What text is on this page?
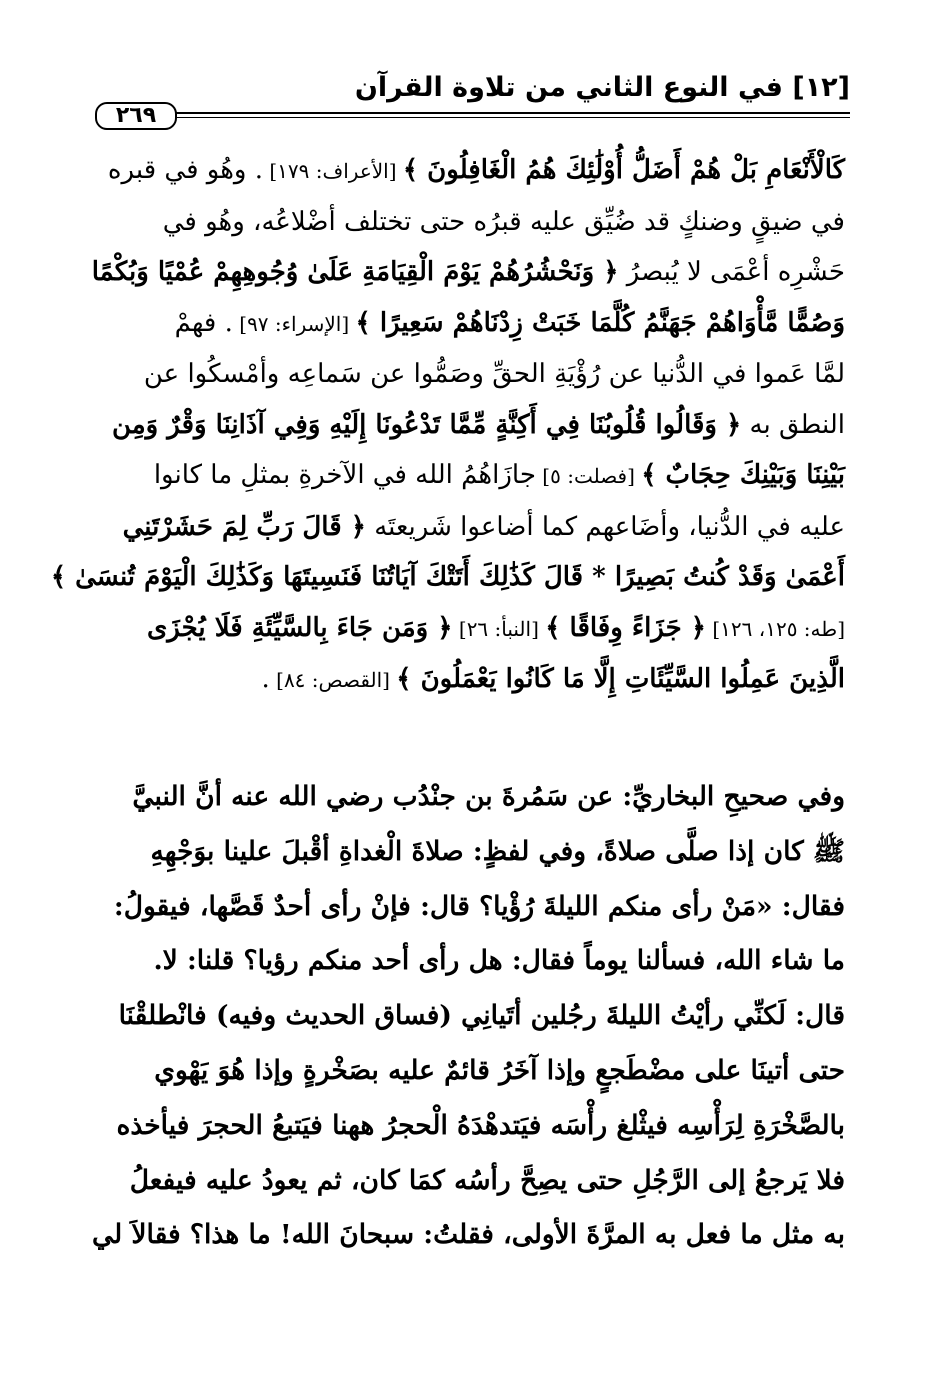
[١٢] في النوع الثاني من تلاوة القرآن
٢٦٩
كَالْأَنْعَامِ بَلْ هُمْ أَضَلُّ أُوْلَٰئِكَ هُمُ الْغَافِلُونَ ﴾ [الأعراف: ١٧٩] . وهُو في قبره
في ضيقٍ وضنكٍ قد ضُيِّق عليه قبرُه حتى تختلف أضْلاعُه، وهُو في
حَشْرِه أعْمَى لا يُبصرُ ﴿ وَنَحْشُرُهُمْ يَوْمَ الْقِيَامَةِ عَلَىٰ وُجُوهِهِمْ عُمْيًا وَبُكْمًا
وَصُمًّا مَّأْوَاهُمْ جَهَنَّمُ كُلَّمَا خَبَتْ زِدْنَاهُمْ سَعِيرًا ﴾ [الإسراء: ٩٧] . فهمْ
لمَّا عَموا في الدُّنيا عن رُؤْيَةِ الحقِّ وصَمُّوا عن سَماعِه وأمْسكُوا عن
النطق به ﴿ وَقَالُوا قُلُوبُنَا فِي أَكِنَّةٍ مِّمَّا تَدْعُونَا إِلَيْهِ وَفِي آذَانِنَا وَقْرٌ وَمِن
بَيْنِنَا وَبَيْنِكَ حِجَابٌ ﴾ [فصلت: ٥] جازَاهُمُ الله في الآخرةِ بمثلِ ما كانوا
عليه في الدُّنيا، وأضَاعهم كما أضاعوا شَريعتَه ﴿ قَالَ رَبِّ لِمَ حَشَرْتَنِي
أَعْمَىٰ وَقَدْ كُنتُ بَصِيرًا * قَالَ كَذَٰلِكَ أَتَتْكَ آيَاتُنَا فَنَسِيتَهَا وَكَذَٰلِكَ الْيَوْمَ تُنسَىٰ ﴾
[طه: ١٢٥، ١٢٦] ﴿ جَزَاءً وِفَاقًا ﴾ [النبأ: ٢٦] ﴿ وَمَن جَاءَ بِالسَّيِّئَةِ فَلَا يُجْزَى
الَّذِينَ عَمِلُوا السَّيِّئَاتِ إِلَّا مَا كَانُوا يَعْمَلُونَ ﴾ [القصص: ٨٤] .
وفي صحيحِ البخاريِّ: عن سَمُرةَ بن جنْدُب رضي الله عنه أنَّ النبيَّ
ﷺ كان إذا صلَّى صلاةً، وفي لفظٍ: صلاةَ الْغداةِ أقْبلَ علينا بوَجْهِهِ
فقال: «مَنْ رأى منكم الليلةَ رُؤْيا؟ قال: فإنْ رأى أحدٌ قَصَّها، فيقولُ:
ما شاء الله، فسألنا يوماً فقال: هل رأى أحد منكم رؤيا؟ قلنا: لا.
قال: لَكنِّي رأيْتُ الليلةَ رجُلين أتَيانِي (فساق الحديث وفيه) فانْطلقْنَا
حتى أتينَا على مضْطَجعٍ وإذا آخَرُ قائمٌ عليه بصَخْرةٍ وإذا هُوَ يَهْوي
بالصَّخْرَةِ لِرَأْسِه فيثْلغ رأْسَه فيَتدهْدَهُ الْحجرُ ههنا فيَتبعُ الحجرَ فيأخذه
فلا يَرجعُ إلى الرَّجُلِ حتى يصِحَّ رأسُه كمَا كان، ثم يعودُ عليه فيفعلُ
به مثل ما فعل به المرَّةَ الأولى، فقلتُ: سبحانَ الله! ما هذا؟ فقالاَ لي
